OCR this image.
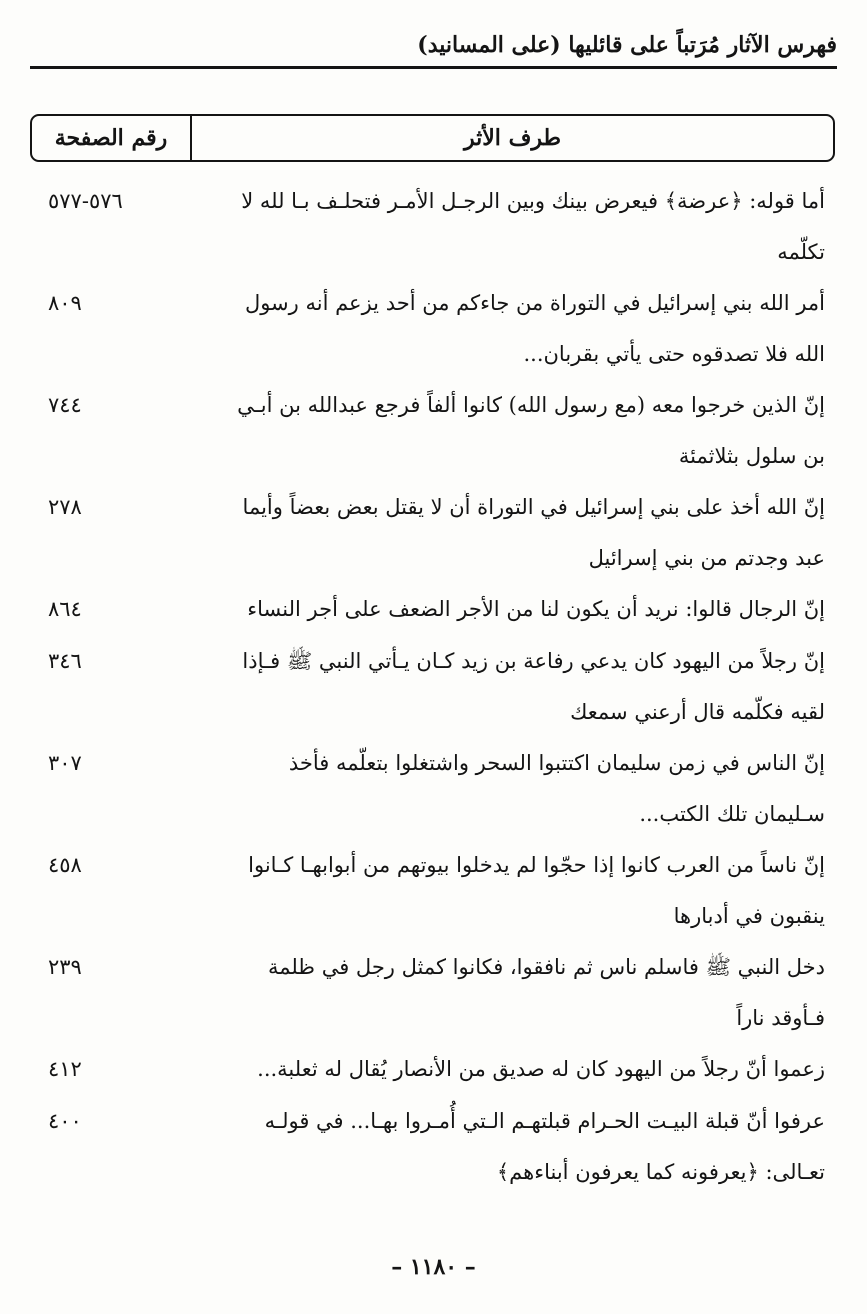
فهرس الآثار مُرَتباً على قائليها (على المسانيد)
طرف الأثر
رقم الصفحة
أما قوله: ﴿عرضة﴾ فيعرض بينك وبين الرجـل الأمـر فتحلـف بـا لله لا تكلّمه
٥٧٦-٥٧٧
أمر الله بني إسرائيل في التوراة من جاءكم من أحد يزعم أنه رسول الله فلا تصدقوه حتى يأتي بقربان...
٨٠٩
إنّ الذين خرجوا معه (مع رسول الله) كانوا ألفاً فرجع عبدالله بن أبـي بن سلول بثلاثمئة
٧٤٤
إنّ الله أخذ على بني إسرائيل في التوراة أن لا يقتل بعض بعضاً وأيما عبد وجدتم من بني إسرائيل
٢٧٨
إنّ الرجال قالوا: نريد أن يكون لنا من الأجر الضعف على أجر النساء
٨٦٤
إنّ رجلاً من اليهود كان يدعي رفاعة بن زيد كـان يـأتي النبي ﷺ فـإذا لقيه فكلّمه قال أرعني سمعك
٣٤٦
إنّ الناس في زمن سليمان اكتتبوا السحر واشتغلوا بتعلّمه فأخذ سـليمان تلك الكتب...
٣٠٧
إنّ ناساً من العرب كانوا إذا حجّوا لم يدخلوا بيوتهم من أبوابهـا كـانوا ينقبون في أدبارها
٤٥٨
دخل النبي ﷺ فاسلم ناس ثم نافقوا، فكانوا كمثل رجل في ظلمة فـأوقد ناراً
٢٣٩
زعموا أنّ رجلاً من اليهود كان له صديق من الأنصار يُقال له ثعلبة...
٤١٢
عرفوا أنّ قبلة البيـت الحـرام قبلتهـم الـتي أُمـروا بهـا... في قولـه تعـالى: ﴿يعرفونه كما يعرفون أبناءهم﴾
٤٠٠
– ١١٨٠ –
